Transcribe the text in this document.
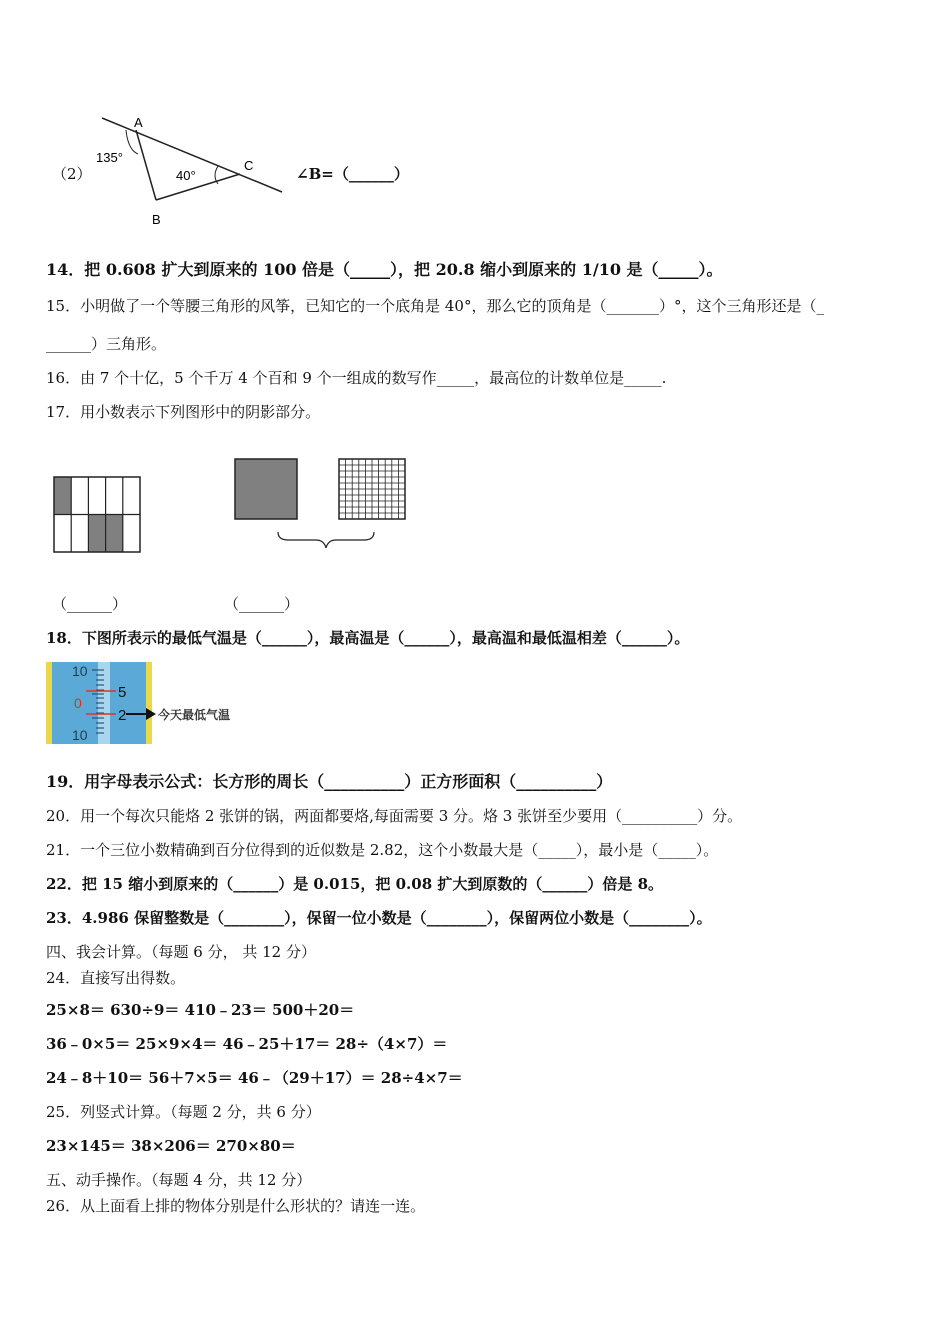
（2）
A
C
B
135°
40°	∠B=（______）
14．把 0.608 扩大到原来的 100 倍是（_____），把 20.8 缩小到原来的 1/10 是（_____）。
15．小明做了一个等腰三角形的风筝，已知它的一个底角是 40°，那么它的顶角是（_______）°，这个三角形还是（_
______）三角形。
16．由 7 个十亿，5 个千万 4 个百和 9 个一组成的数写作_____，最高位的计数单位是_____.
17．用小数表示下列图形中的阴影部分。
（______）	（______）
18．下图所表示的最低气温是（______），最高温是（______），最高温和最低温相差（______）。
10
0
10
5
2	今天最低气温
19．用字母表示公式：长方形的周长（__________）正方形面积（__________）
20．用一个每次只能烙 2 张饼的锅，两面都要烙,每面需要 3 分。烙 3 张饼至少要用（__________）分。
21．一个三位小数精确到百分位得到的近似数是 2.82，这个小数最大是（_____），最小是（_____）。
22．把 15 缩小到原来的（______）是 0.015，把 0.08 扩大到原数的（______）倍是 8。
23．4.986 保留整数是（________），保留一位小数是（________），保留两位小数是（________）。
四、我会计算。（每题 6 分， 共 12 分）
24．直接写出得数。
25×8＝ 630÷9＝ 410﹣23＝ 500＋20＝
36﹣0×5＝ 25×9×4＝ 46﹣25＋17＝ 28÷（4×7）＝
24﹣8＋10＝ 56＋7×5＝ 46﹣（29＋17）＝ 28÷4×7＝
25．列竖式计算。（每题 2 分，共 6 分）
23×145＝ 38×206＝ 270×80＝
五、动手操作。（每题 4 分，共 12 分）
26．从上面看上排的物体分别是什么形状的？请连一连。
